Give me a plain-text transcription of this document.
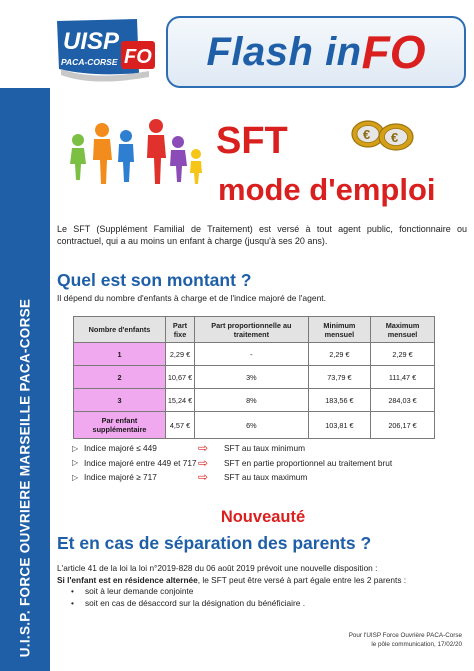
U.I.S.P. FORCE OUVRIERE MARSEILLE PACA-CORSE
UISP
PACA-CORSE FO Flash in FO
€ €
SFT
mode d'emploi
Le SFT (Supplément Familial de Traitement) est versé à tout agent public, fonctionnaire ou contractuel, qui a au moins un enfant à charge (jusqu'à ses 20 ans).
Quel est son montant ?
Il dépend du nombre d'enfants à charge et de l'indice majoré de l'agent.
Nombre d'enfants	Part fixe	Part proportionnelle au traitement	Minimum mensuel	Maximum mensuel
1	2,29 €	-	2,29 €	2,29 €
2	10,67 €	3%	73,79 €	111,47 €
3	15,24 €	8%	183,56 €	284,03 €
Par enfant supplémentaire	4,57 €	6%	103,81 €	206,17 €
▷ Indice majoré ≤ 449	⇨	SFT au taux minimum
▷ Indice majoré entre 449 et 717 ⇨	SFT en partie proportionnel au traitement brut
▷ Indice majoré ≥ 717	⇨	SFT au taux maximum
Nouveauté
Et en cas de séparation des parents ?
L'article 41 de la loi la loi n°2019-828 du 06 août 2019 prévoit une nouvelle disposition :
Si l'enfant est en résidence alternée, le SFT peut être versé à part égale entre les 2 parents :
•	soit à leur demande conjointe
•	soit en cas de désaccord sur la désignation du bénéficiaire .
Pour l'UISP Force Ouvrière PACA-Corse
le pôle communication, 17/02/20
